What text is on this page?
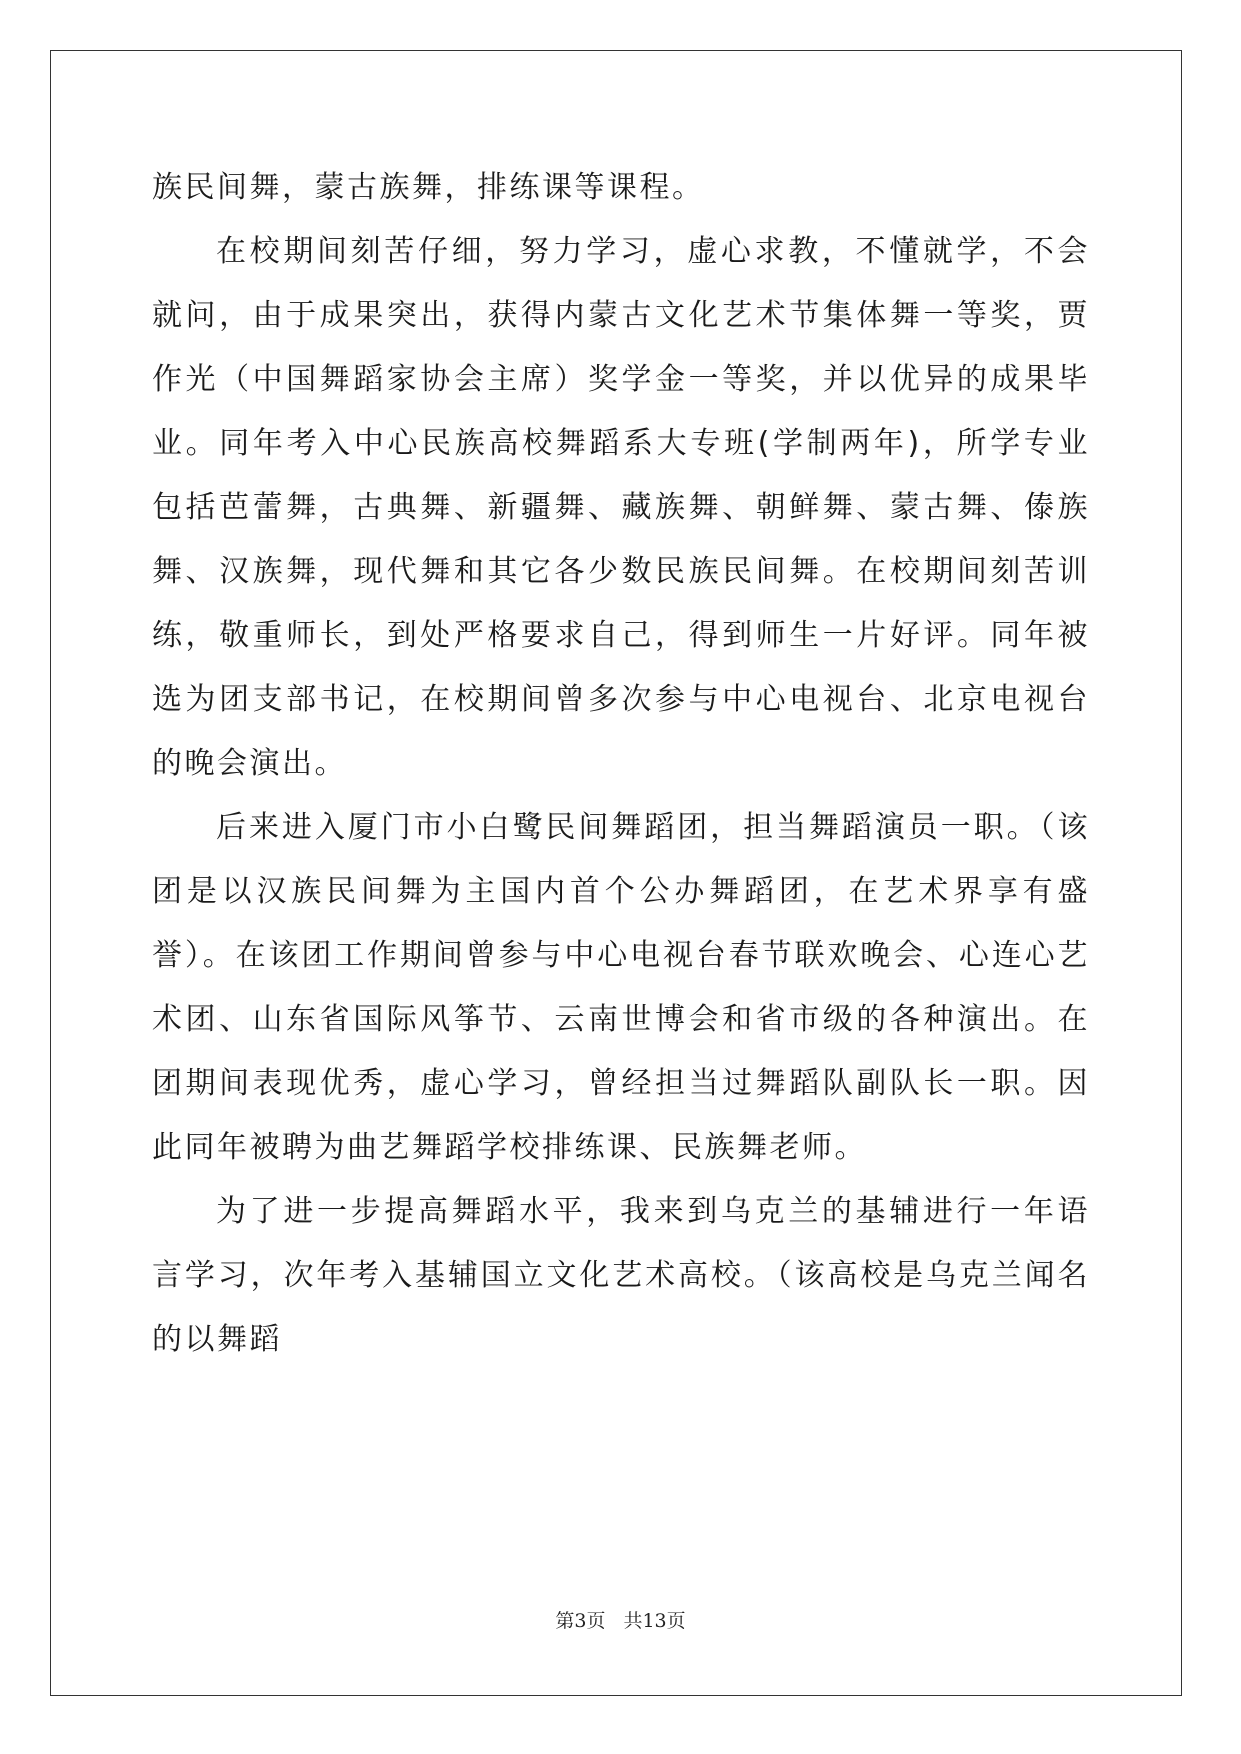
族民间舞，蒙古族舞，排练课等课程。

在校期间刻苦仔细，努力学习，虚心求教，不懂就学，不会就问，由于成果突出，获得内蒙古文化艺术节集体舞一等奖，贾作光（中国舞蹈家协会主席）奖学金一等奖，并以优异的成果毕业。同年考入中心民族高校舞蹈系大专班(学制两年)，所学专业包括芭蕾舞，古典舞、新疆舞、藏族舞、朝鲜舞、蒙古舞、傣族舞、汉族舞，现代舞和其它各少数民族民间舞。在校期间刻苦训练，敬重师长，到处严格要求自己，得到师生一片好评。同年被选为团支部书记，在校期间曾多次参与中心电视台、北京电视台的晚会演出。

后来进入厦门市小白鹭民间舞蹈团，担当舞蹈演员一职。（该团是以汉族民间舞为主国内首个公办舞蹈团，在艺术界享有盛誉）。在该团工作期间曾参与中心电视台春节联欢晚会、心连心艺术团、山东省国际风筝节、云南世博会和省市级的各种演出。在团期间表现优秀，虚心学习，曾经担当过舞蹈队副队长一职。因此同年被聘为曲艺舞蹈学校排练课、民族舞老师。

为了进一步提高舞蹈水平，我来到乌克兰的基辅进行一年语言学习，次年考入基辅国立文化艺术高校。（该高校是乌克兰闻名的以舞蹈

第3页 共13页
